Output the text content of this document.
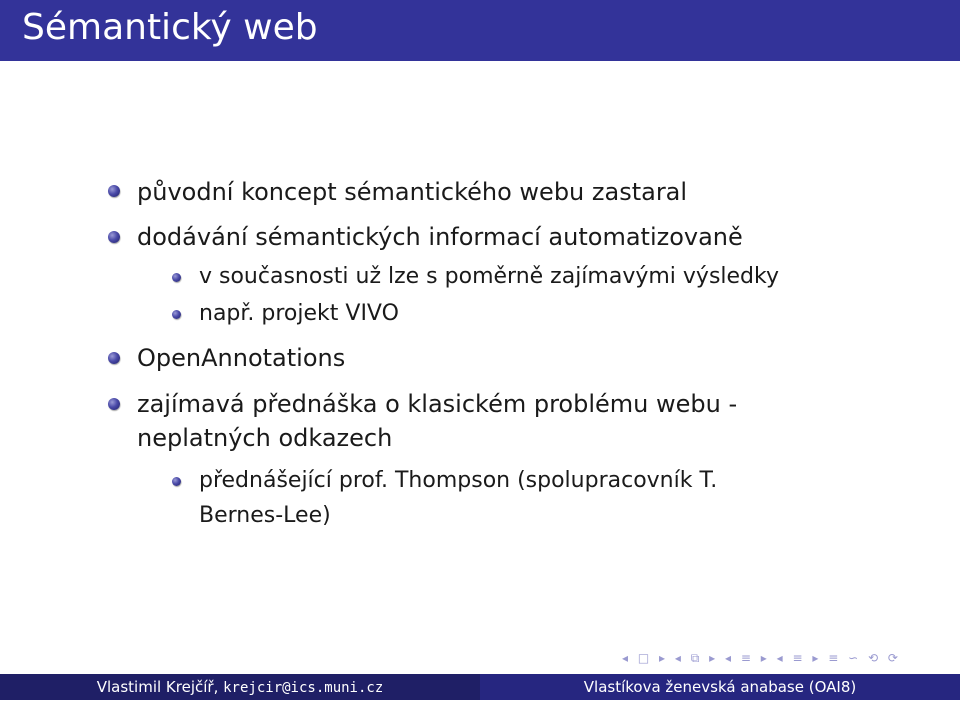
Sémantický web
původní koncept sémantického webu zastaral
dodávání sémantických informací automatizovaně
v současnosti už lze s poměrně zajímavými výsledky
např. projekt VIVO
OpenAnnotations
zajímavá přednáška o klasickém problému webu -
neplatných odkazech
přednášející prof. Thompson (spolupracovník T.
Bernes-Lee)
◂ □ ▸ ◂ ⧉ ▸ ◂ ≡ ▸ ◂ ≡ ▸ ≡ ∽ ⟲ ⟳
Vlastimil Krejčíř, krejcir@ics.muni.cz	Vlastíkova ženevská anabase (OAI8)
